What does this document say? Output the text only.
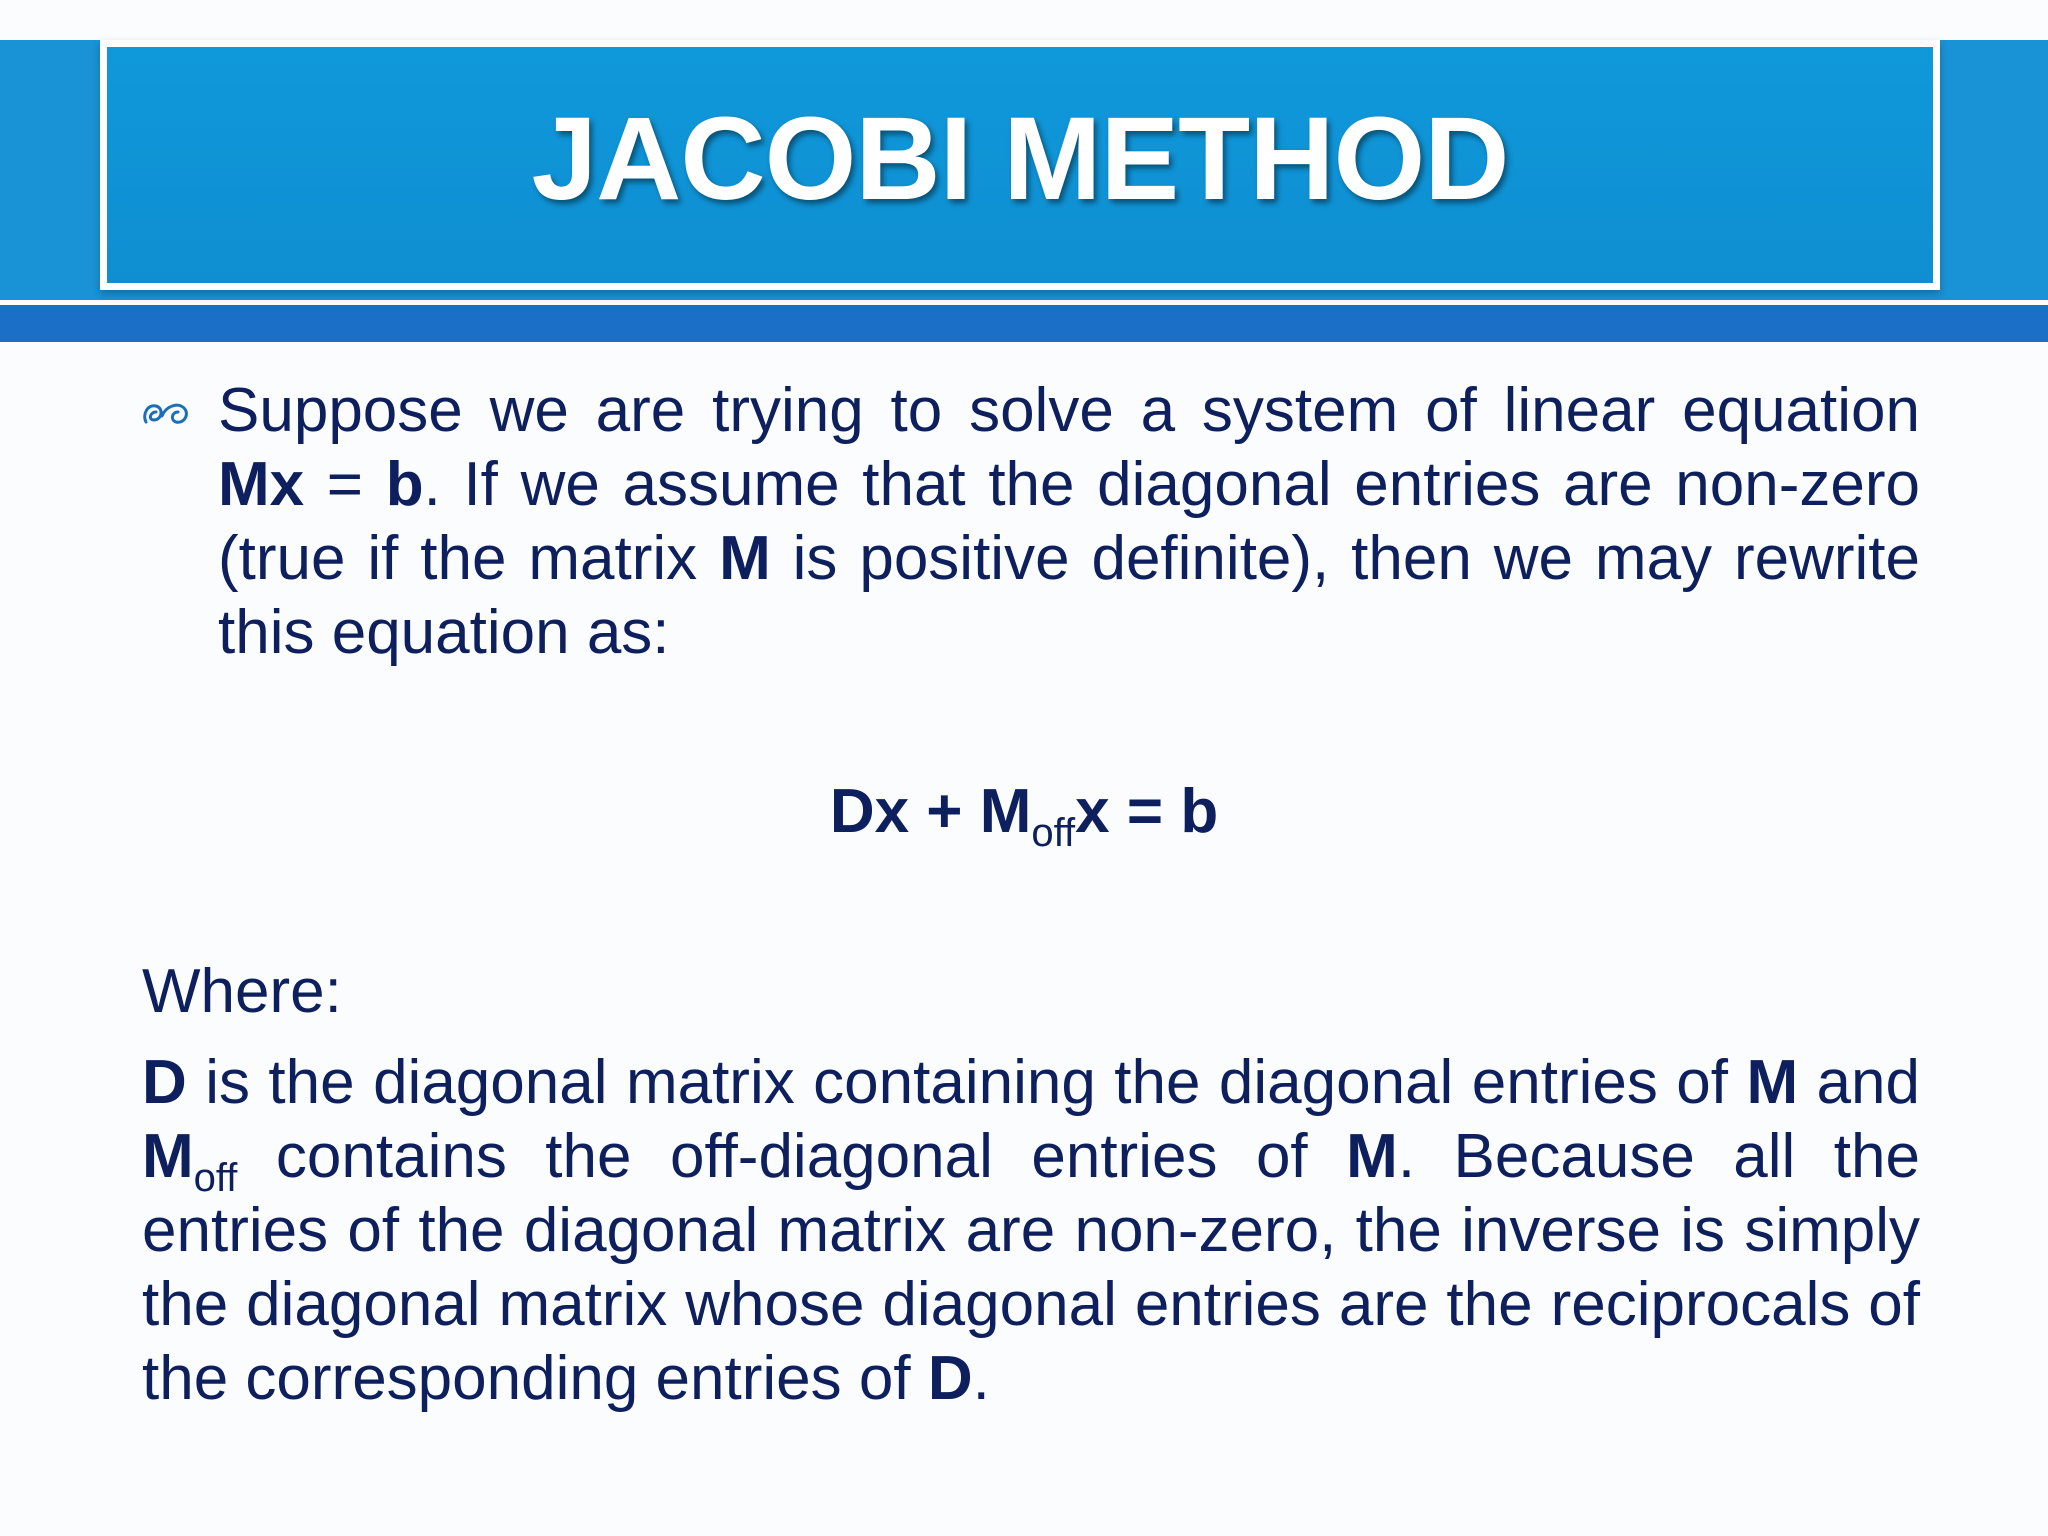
JACOBI METHOD
Suppose we are trying to solve a system of linear equation Mx = b. If we assume that the diagonal entries are non-zero (true if the matrix M is positive definite), then we may rewrite this equation as:
$Dx + M_{off}x = b$
Where:
D is the diagonal matrix containing the diagonal entries of M and $M_{off}$ contains the off-diagonal entries of M. Because all the entries of the diagonal matrix are non-zero, the inverse is simply the diagonal matrix whose diagonal entries are the reciprocals of the corresponding entries of D.
